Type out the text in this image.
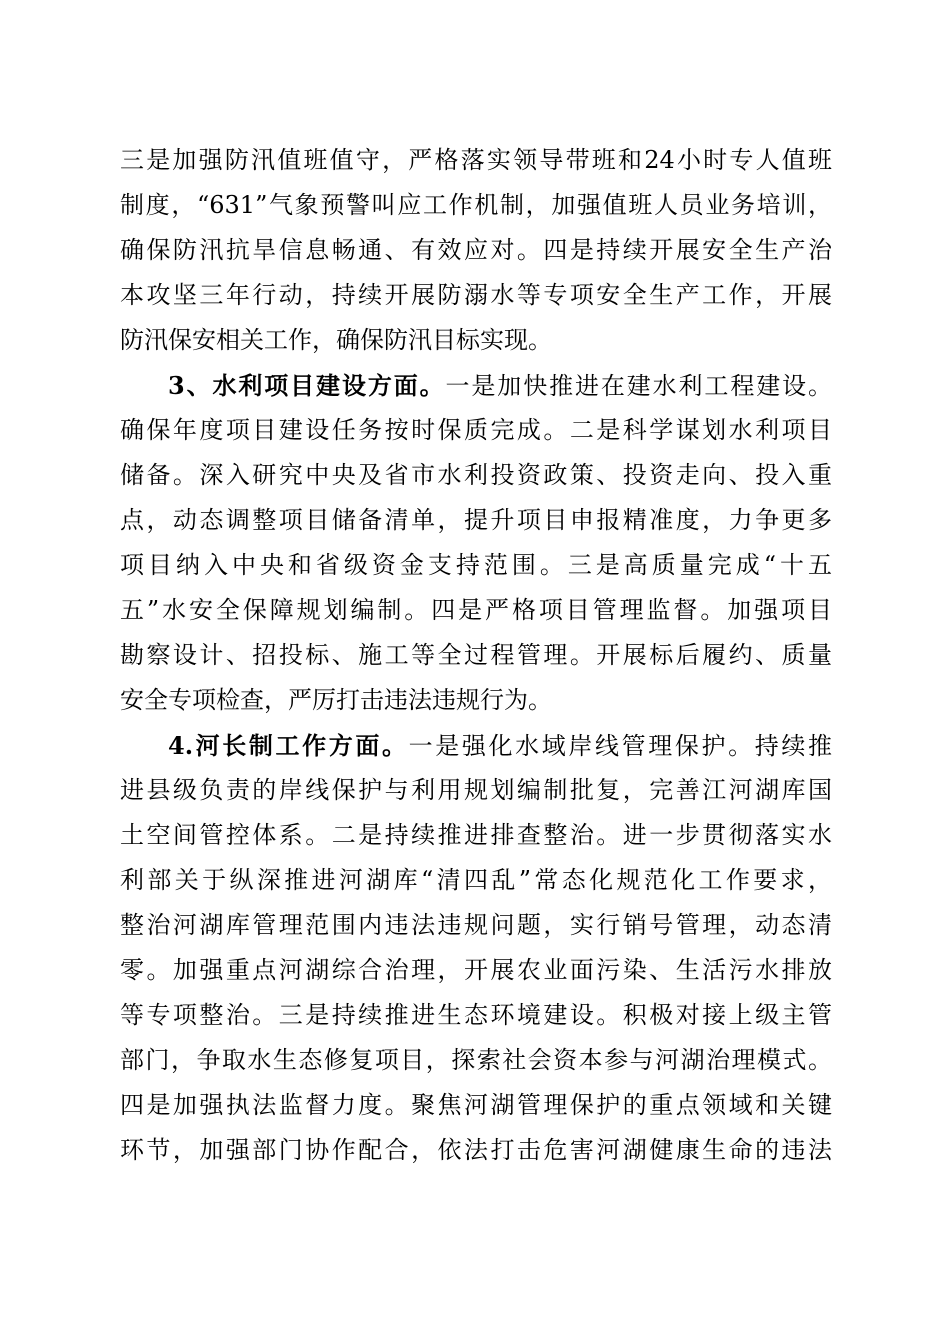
三是加强防汛值班值守，严格落实领导带班和24小时专人值班
制度，“631”气象预警叫应工作机制，加强值班人员业务培训，
确保防汛抗旱信息畅通、有效应对。四是持续开展安全生产治
本攻坚三年行动，持续开展防溺水等专项安全生产工作，开展
防汛保安相关工作，确保防汛目标实现。
3、水利项目建设方面。一是加快推进在建水利工程建设。
确保年度项目建设任务按时保质完成。二是科学谋划水利项目
储备。深入研究中央及省市水利投资政策、投资走向、投入重
点，动态调整项目储备清单，提升项目申报精准度，力争更多
项目纳入中央和省级资金支持范围。三是高质量完成“十五
五”水安全保障规划编制。四是严格项目管理监督。加强项目
勘察设计、招投标、施工等全过程管理。开展标后履约、质量
安全专项检查，严厉打击违法违规行为。
4.河长制工作方面。一是强化水域岸线管理保护。持续推
进县级负责的岸线保护与利用规划编制批复，完善江河湖库国
土空间管控体系。二是持续推进排查整治。进一步贯彻落实水
利部关于纵深推进河湖库“清四乱”常态化规范化工作要求，
整治河湖库管理范围内违法违规问题，实行销号管理，动态清
零。加强重点河湖综合治理，开展农业面污染、生活污水排放
等专项整治。三是持续推进生态环境建设。积极对接上级主管
部门，争取水生态修复项目，探索社会资本参与河湖治理模式。
四是加强执法监督力度。聚焦河湖管理保护的重点领域和关键
环节，加强部门协作配合，依法打击危害河湖健康生命的违法
